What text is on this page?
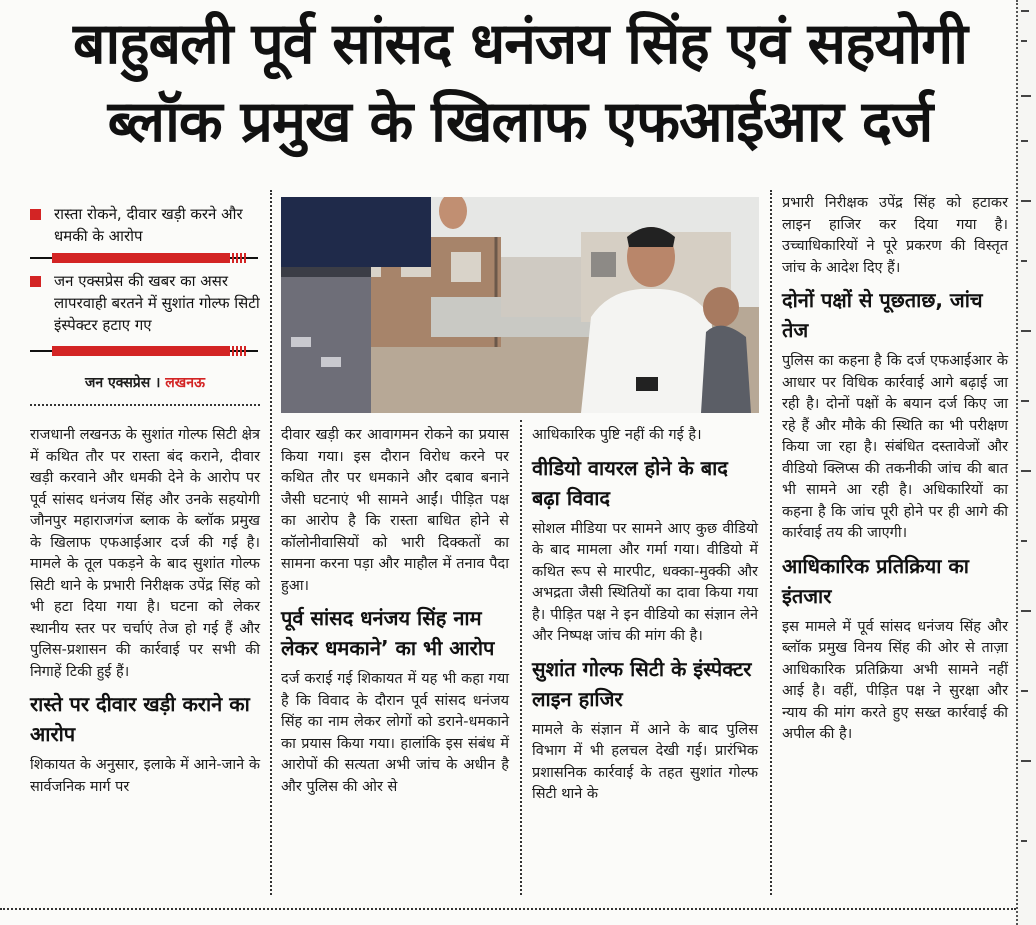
बाहुबली पूर्व सांसद धनंजय सिंह एवं सहयोगी
ब्लॉक प्रमुख के खिलाफ एफआईआर दर्ज
रास्ता रोकने, दीवार खड़ी करने और धमकी के आरोप
जन एक्सप्रेस की खबर का असर लापरवाही बरतने में सुशांत गोल्फ सिटी इंस्पेक्टर हटाए गए
जन एक्सप्रेस । लखनऊ

राजधानी लखनऊ के सुशांत गोल्फ सिटी क्षेत्र में कथित तौर पर रास्ता बंद कराने, दीवार खड़ी करवाने और धमकी देने के आरोप पर पूर्व सांसद धनंजय सिंह और उनके सहयोगी जौनपुर महाराजगंज ब्लाक के ब्लॉक प्रमुख के खिलाफ एफआईआर दर्ज की गई है। मामले के तूल पकड़ने के बाद सुशांत गोल्फ सिटी थाने के प्रभारी निरीक्षक उपेंद्र सिंह को भी हटा दिया गया है। घटना को लेकर स्थानीय स्तर पर चर्चाएं तेज हो गई हैं और पुलिस-प्रशासन की कार्रवाई पर सभी की निगाहें टिकी हुई हैं।

रास्ते पर दीवार खड़ी कराने का आरोप

शिकायत के अनुसार, इलाके में आने-जाने के सार्वजनिक मार्ग पर

दीवार खड़ी कर आवागमन रोकने का प्रयास किया गया। इस दौरान विरोध करने पर कथित तौर पर धमकाने और दबाव बनाने जैसी घटनाएं भी सामने आईं। पीड़ित पक्ष का आरोप है कि रास्ता बाधित होने से कॉलोनीवासियों को भारी दिक्कतों का सामना करना पड़ा और माहौल में तनाव पैदा हुआ।

पूर्व सांसद धनंजय सिंह नाम लेकर धमकाने’ का भी आरोप

दर्ज कराई गई शिकायत में यह भी कहा गया है कि विवाद के दौरान पूर्व सांसद धनंजय सिंह का नाम लेकर लोगों को डराने-धमकाने का प्रयास किया गया। हालांकि इस संबंध में आरोपों की सत्यता अभी जांच के अधीन है और पुलिस की ओर से

आधिकारिक पुष्टि नहीं की गई है।

वीडियो वायरल होने के बाद बढ़ा विवाद

सोशल मीडिया पर सामने आए कुछ वीडियो के बाद मामला और गर्मा गया। वीडियो में कथित रूप से मारपीट, धक्का-मुक्की और अभद्रता जैसी स्थितियों का दावा किया गया है। पीड़ित पक्ष ने इन वीडियो का संज्ञान लेने और निष्पक्ष जांच की मांग की है।

सुशांत गोल्फ सिटी के इंस्पेक्टर लाइन हाजिर

मामले के संज्ञान में आने के बाद पुलिस विभाग में भी हलचल देखी गई। प्रारंभिक प्रशासनिक कार्रवाई के तहत सुशांत गोल्फ सिटी थाने के

प्रभारी निरीक्षक उपेंद्र सिंह को हटाकर लाइन हाजिर कर दिया गया है। उच्चाधिकारियों ने पूरे प्रकरण की विस्तृत जांच के आदेश दिए हैं।

दोनों पक्षों से पूछताछ, जांच तेज

पुलिस का कहना है कि दर्ज एफआईआर के आधार पर विधिक कार्रवाई आगे बढ़ाई जा रही है। दोनों पक्षों के बयान दर्ज किए जा रहे हैं और मौके की स्थिति का भी परीक्षण किया जा रहा है। संबंधित दस्तावेजों और वीडियो क्लिप्स की तकनीकी जांच की बात भी सामने आ रही है। अधिकारियों का कहना है कि जांच पूरी होने पर ही आगे की कार्रवाई तय की जाएगी।

आधिकारिक प्रतिक्रिया का इंतजार

इस मामले में पूर्व सांसद धनंजय सिंह और ब्लॉक प्रमुख विनय सिंह की ओर से ताज़ा आधिकारिक प्रतिक्रिया अभी सामने नहीं आई है। वहीं, पीड़ित पक्ष ने सुरक्षा और न्याय की मांग करते हुए सख्त कार्रवाई की अपील की है।
